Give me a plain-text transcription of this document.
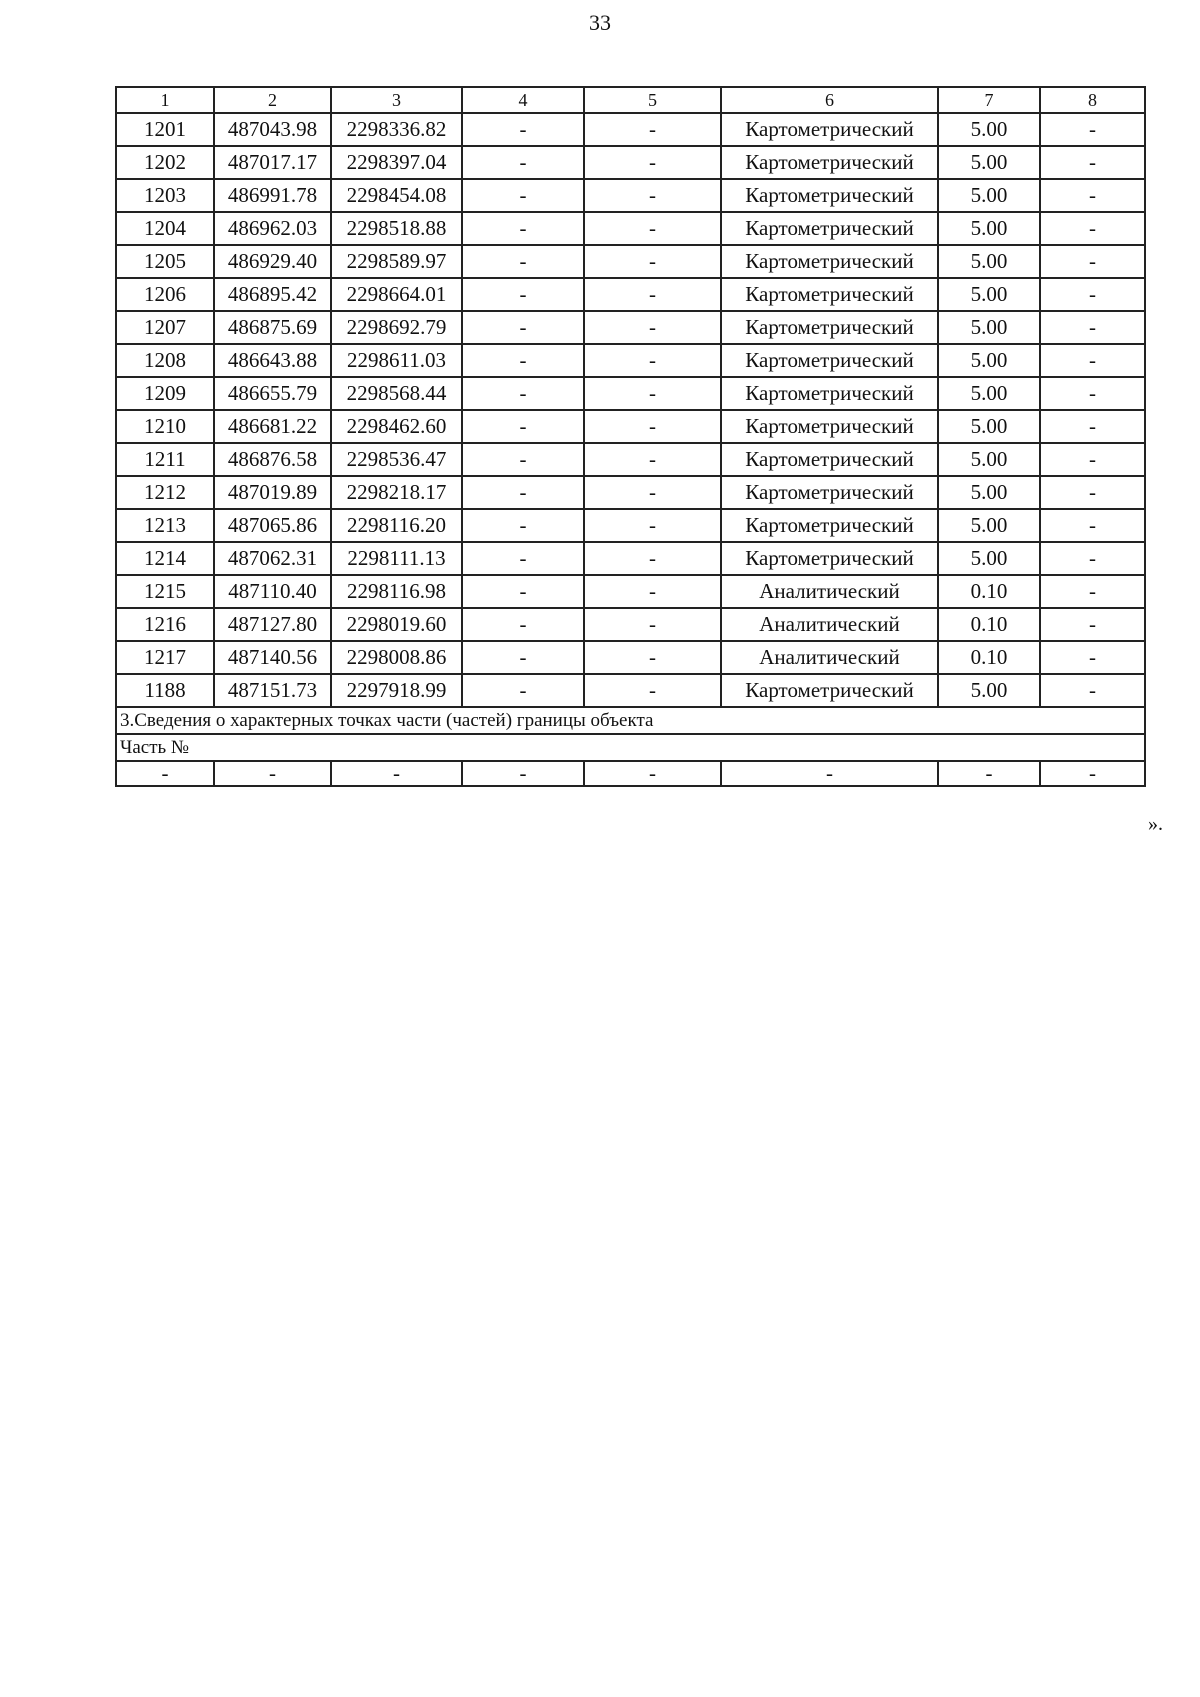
33
1	2	3	4	5	6	7	8
1201	487043.98	2298336.82	-	-	Картометрический	5.00	-
1202	487017.17	2298397.04	-	-	Картометрический	5.00	-
1203	486991.78	2298454.08	-	-	Картометрический	5.00	-
1204	486962.03	2298518.88	-	-	Картометрический	5.00	-
1205	486929.40	2298589.97	-	-	Картометрический	5.00	-
1206	486895.42	2298664.01	-	-	Картометрический	5.00	-
1207	486875.69	2298692.79	-	-	Картометрический	5.00	-
1208	486643.88	2298611.03	-	-	Картометрический	5.00	-
1209	486655.79	2298568.44	-	-	Картометрический	5.00	-
1210	486681.22	2298462.60	-	-	Картометрический	5.00	-
1211	486876.58	2298536.47	-	-	Картометрический	5.00	-
1212	487019.89	2298218.17	-	-	Картометрический	5.00	-
1213	487065.86	2298116.20	-	-	Картометрический	5.00	-
1214	487062.31	2298111.13	-	-	Картометрический	5.00	-
1215	487110.40	2298116.98	-	-	Аналитический	0.10	-
1216	487127.80	2298019.60	-	-	Аналитический	0.10	-
1217	487140.56	2298008.86	-	-	Аналитический	0.10	-
1188	487151.73	2297918.99	-	-	Картометрический	5.00	-
3.Сведения о характерных точках части (частей) границы объекта							
Часть №							
-	-	-	-	-	-	-	-
».
